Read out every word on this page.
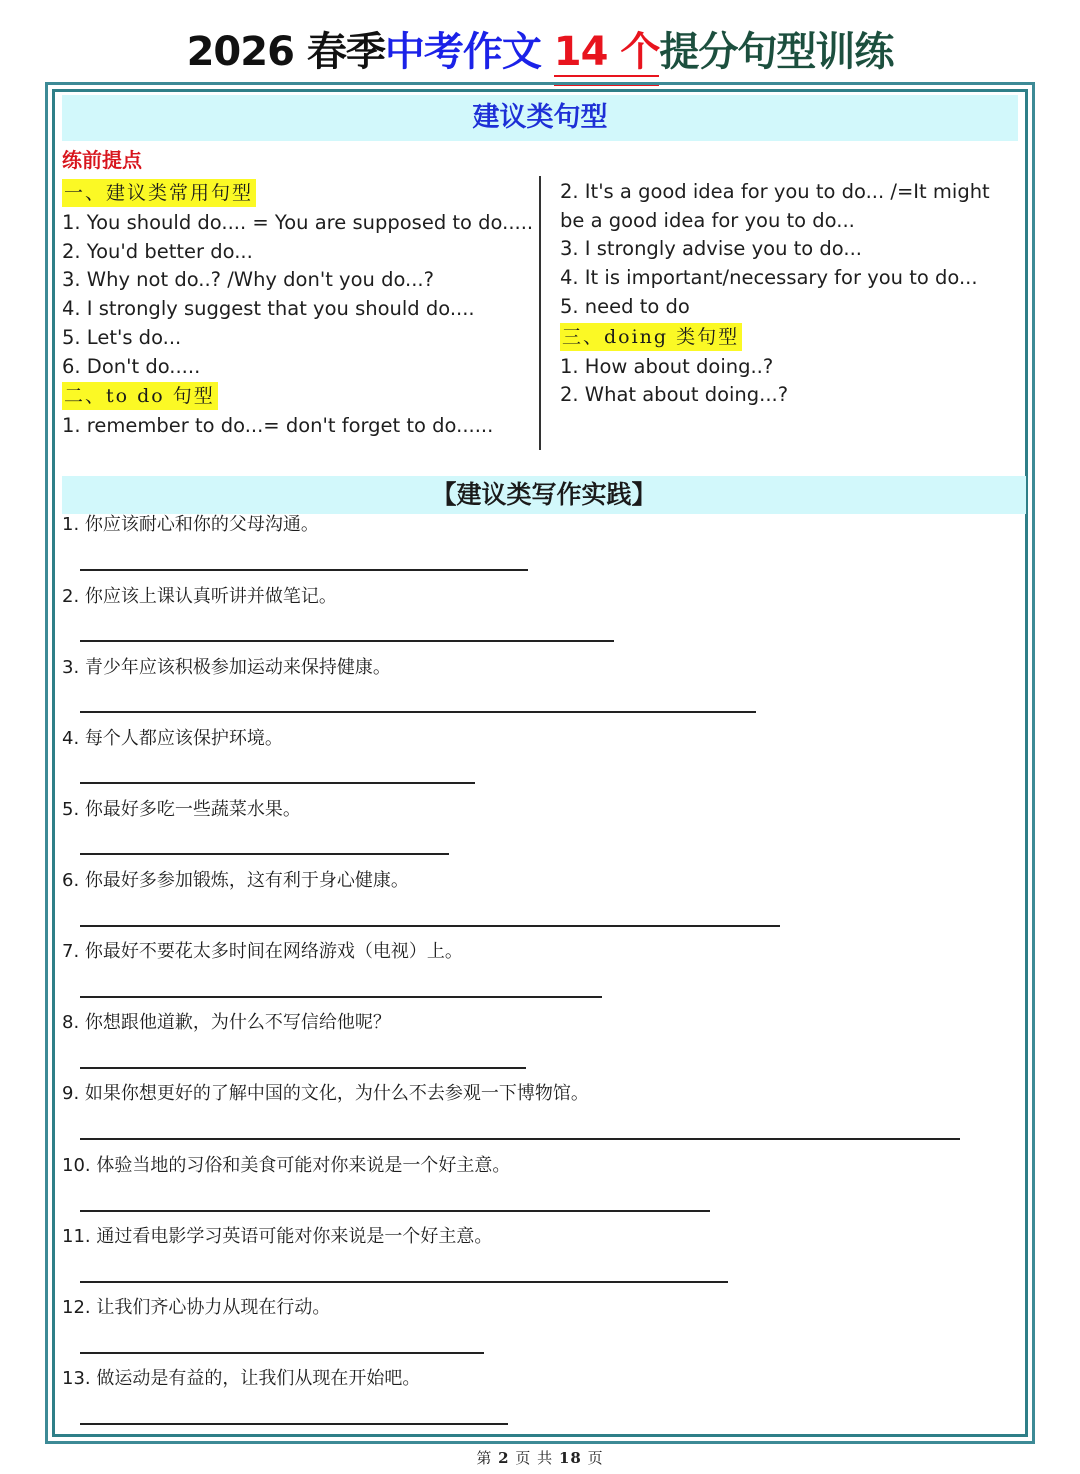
2026 春季中考作文 14 个提分句型训练
建议类句型
练前提点
一、建议类常用句型
1. You should do.... = You are supposed to do.....
2. You'd better do...
3. Why not do..? /Why don't you do...?
4. I strongly suggest that you should do....
5. Let's do...
6. Don't do.....
二、to do 句型
1. remember to do...= don't forget to do......
2. It's a good idea for you to do... /=It might be a good idea for you to do...
3. I strongly advise you to do...
4. It is important/necessary for you to do...
5. need to do
三、doing 类句型
1. How about doing..?
2. What about doing...?
【建议类写作实践】
1. 你应该耐心和你的父母沟通。
2. 你应该上课认真听讲并做笔记。
3. 青少年应该积极参加运动来保持健康。
4. 每个人都应该保护环境。
5. 你最好多吃一些蔬菜水果。
6. 你最好多参加锻炼，这有利于身心健康。
7. 你最好不要花太多时间在网络游戏（电视）上。
8. 你想跟他道歉，为什么不写信给他呢？
9. 如果你想更好的了解中国的文化，为什么不去参观一下博物馆。
10. 体验当地的习俗和美食可能对你来说是一个好主意。
11. 通过看电影学习英语可能对你来说是一个好主意。
12. 让我们齐心协力从现在行动。
13. 做运动是有益的，让我们从现在开始吧。
第 2 页 共 18 页
